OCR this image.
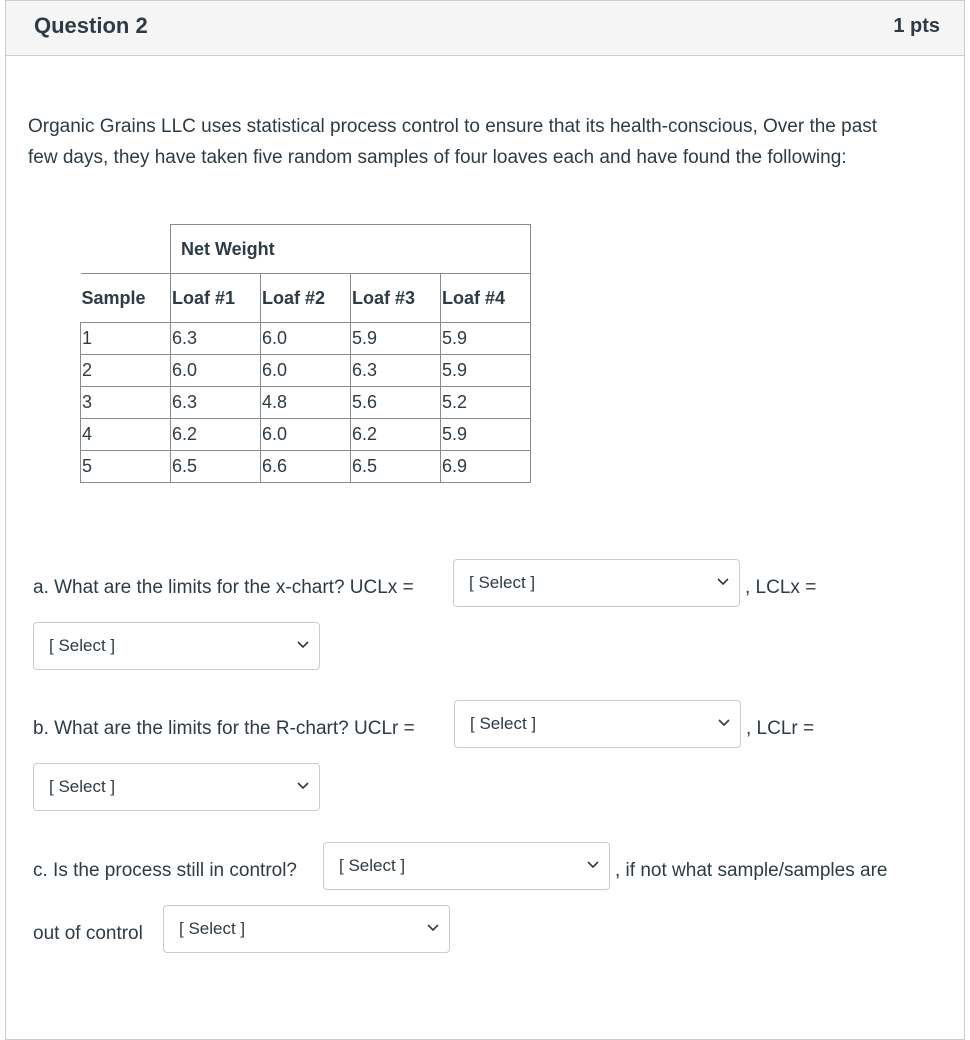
Question 2	1 pts
Organic Grains LLC uses statistical process control to ensure that its health-conscious, Over the past few days, they have taken five random samples of four loaves each and have found the following:
	Net Weight			
Sample	Loaf #1	Loaf #2	Loaf #3	Loaf #4
1	6.3	6.0	5.9	5.9
2	6.0	6.0	6.3	5.9
3	6.3	4.8	5.6	5.2
4	6.2	6.0	6.2	5.9
5	6.5	6.6	6.5	6.9
a. What are the limits for the x-chart? UCLx =	[ Select ]	, LCLx =
[ Select ]
b. What are the limits for the R-chart? UCLr =	[ Select ]	, LCLr =
[ Select ]
c. Is the process still in control? [ Select ]	, if not what sample/samples are
out of control [ Select ]
